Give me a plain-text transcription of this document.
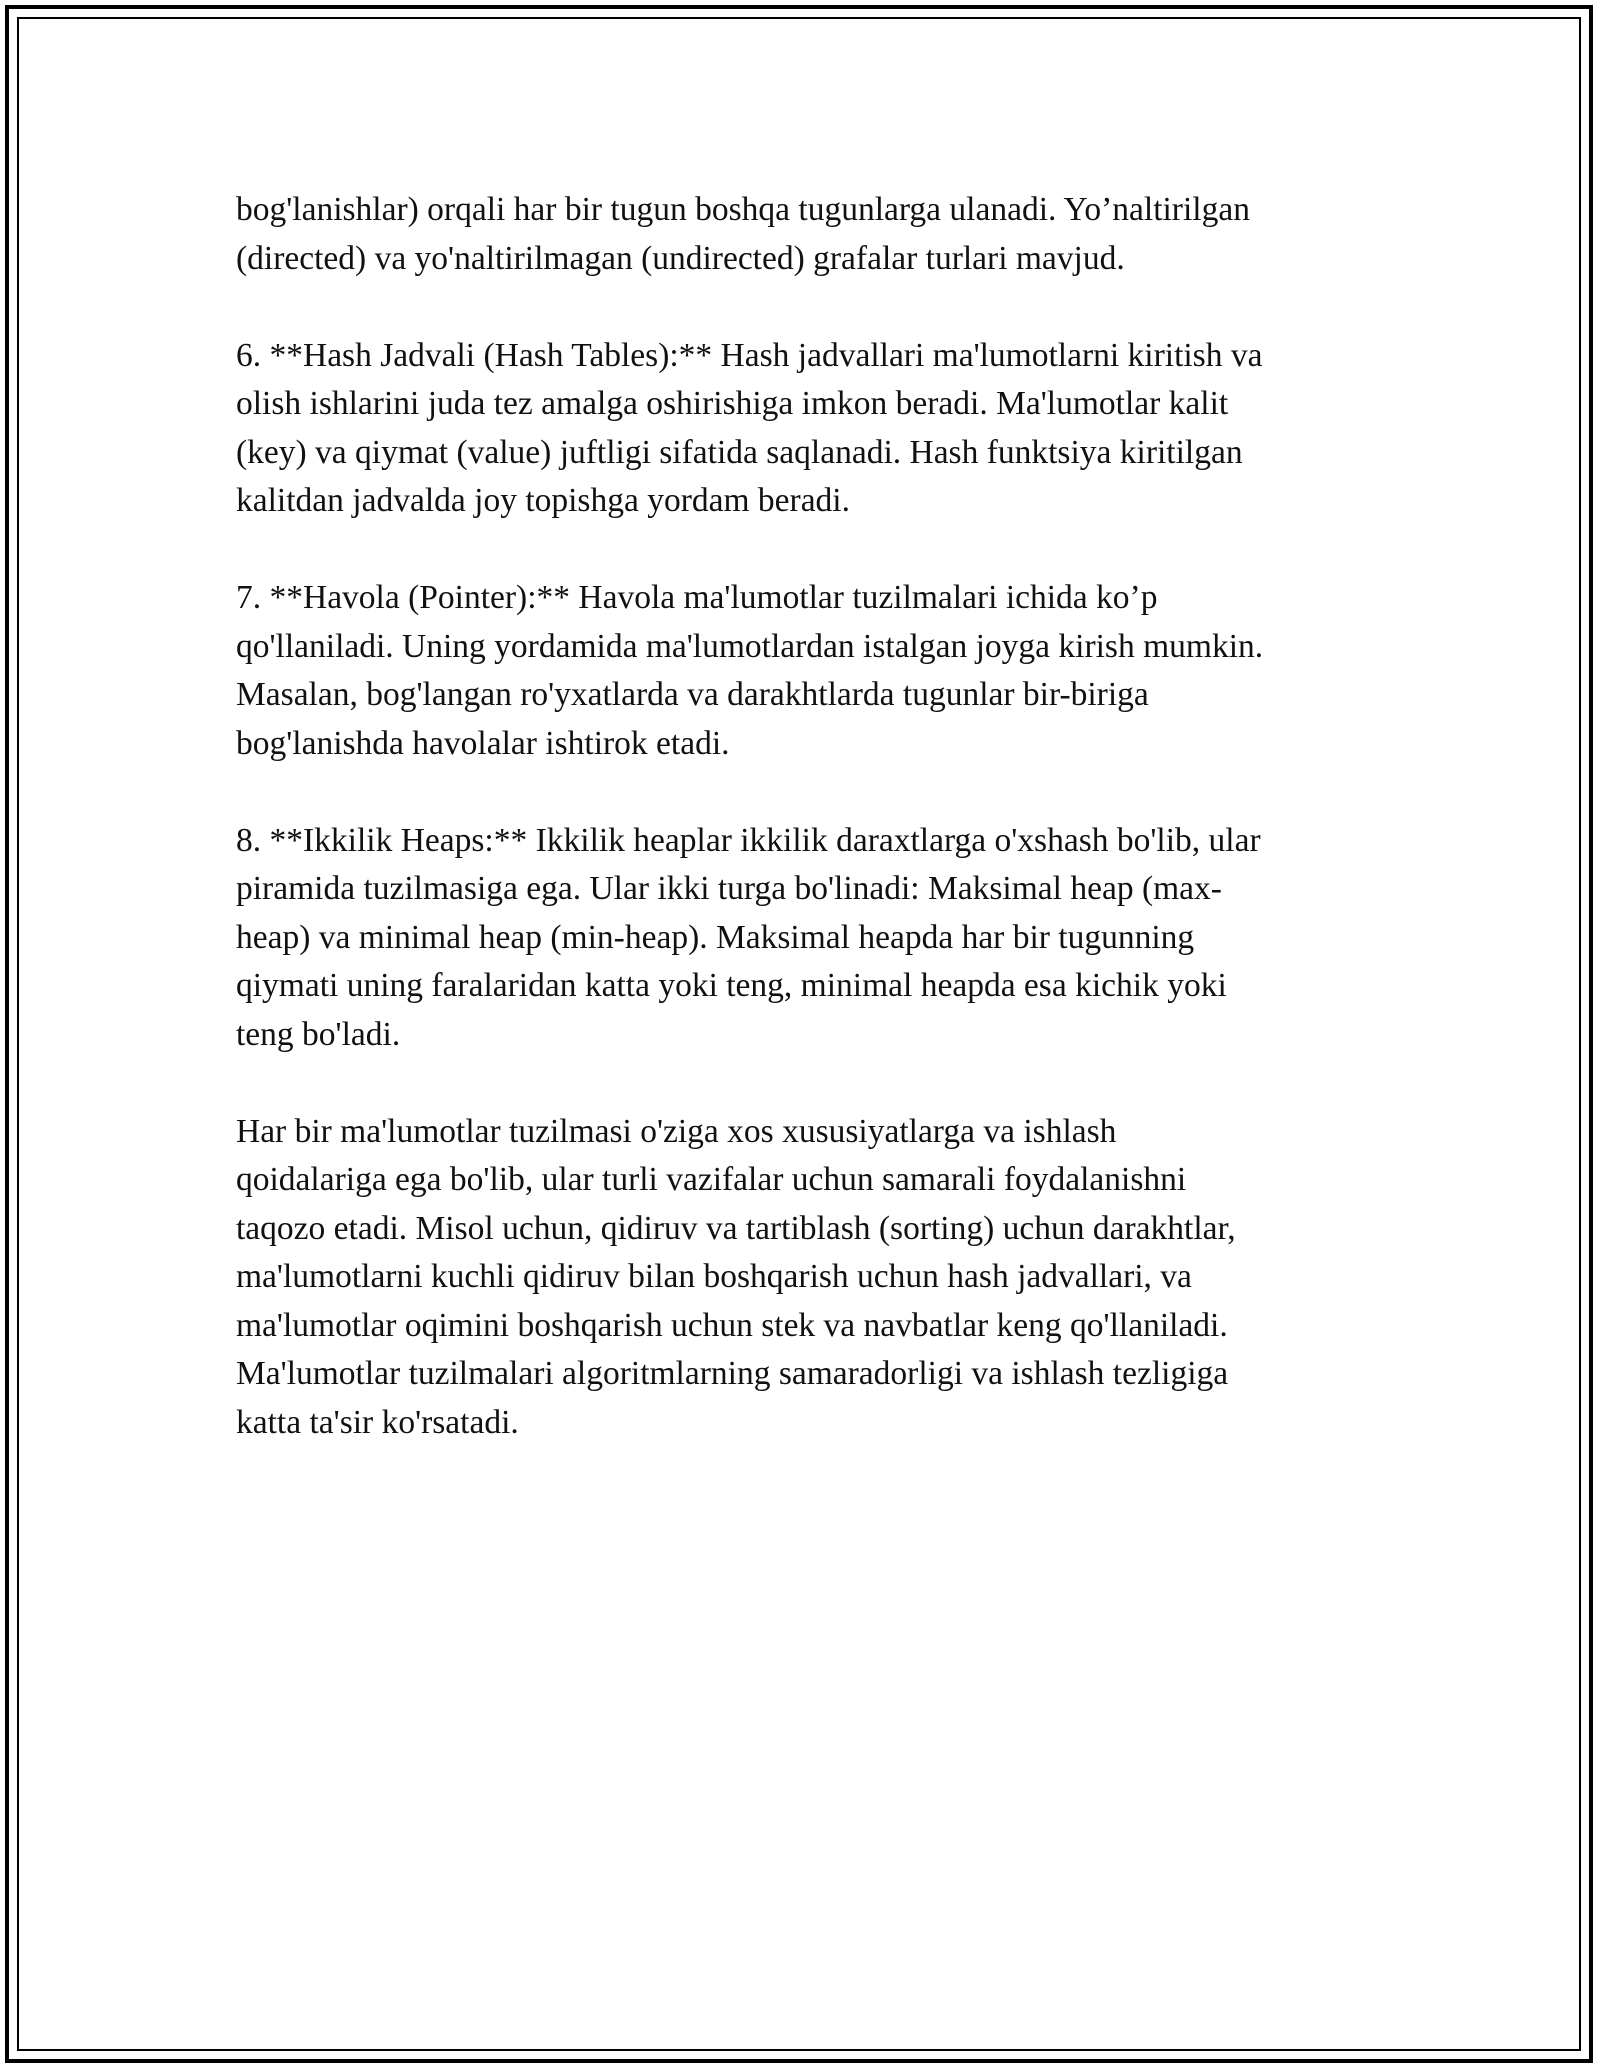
bog'lanishlar) orqali har bir tugun boshqa tugunlarga ulanadi. Yo’naltirilgan
(directed) va yo'naltirilmagan (undirected) grafalar turlari mavjud.

6. **Hash Jadvali (Hash Tables):** Hash jadvallari ma'lumotlarni kiritish va
olish ishlarini juda tez amalga oshirishiga imkon beradi. Ma'lumotlar kalit
(key) va qiymat (value) juftligi sifatida saqlanadi. Hash funktsiya kiritilgan
kalitdan jadvalda joy topishga yordam beradi.

7. **Havola (Pointer):** Havola ma'lumotlar tuzilmalari ichida ko’p
qo'llaniladi. Uning yordamida ma'lumotlardan istalgan joyga kirish mumkin.
Masalan, bog'langan ro'yxatlarda va darakhtlarda tugunlar bir-biriga
bog'lanishda havolalar ishtirok etadi.

8. **Ikkilik Heaps:** Ikkilik heaplar ikkilik daraxtlarga o'xshash bo'lib, ular
piramida tuzilmasiga ega. Ular ikki turga bo'linadi: Maksimal heap (max-
heap) va minimal heap (min-heap). Maksimal heapda har bir tugunning
qiymati uning faralaridan katta yoki teng, minimal heapda esa kichik yoki
teng bo'ladi.

Har bir ma'lumotlar tuzilmasi o'ziga xos xususiyatlarga va ishlash
qoidalariga ega bo'lib, ular turli vazifalar uchun samarali foydalanishni
taqozo etadi. Misol uchun, qidiruv va tartiblash (sorting) uchun darakhtlar,
ma'lumotlarni kuchli qidiruv bilan boshqarish uchun hash jadvallari, va
ma'lumotlar oqimini boshqarish uchun stek va navbatlar keng qo'llaniladi.
Ma'lumotlar tuzilmalari algoritmlarning samaradorligi va ishlash tezligiga
katta ta'sir ko'rsatadi.
